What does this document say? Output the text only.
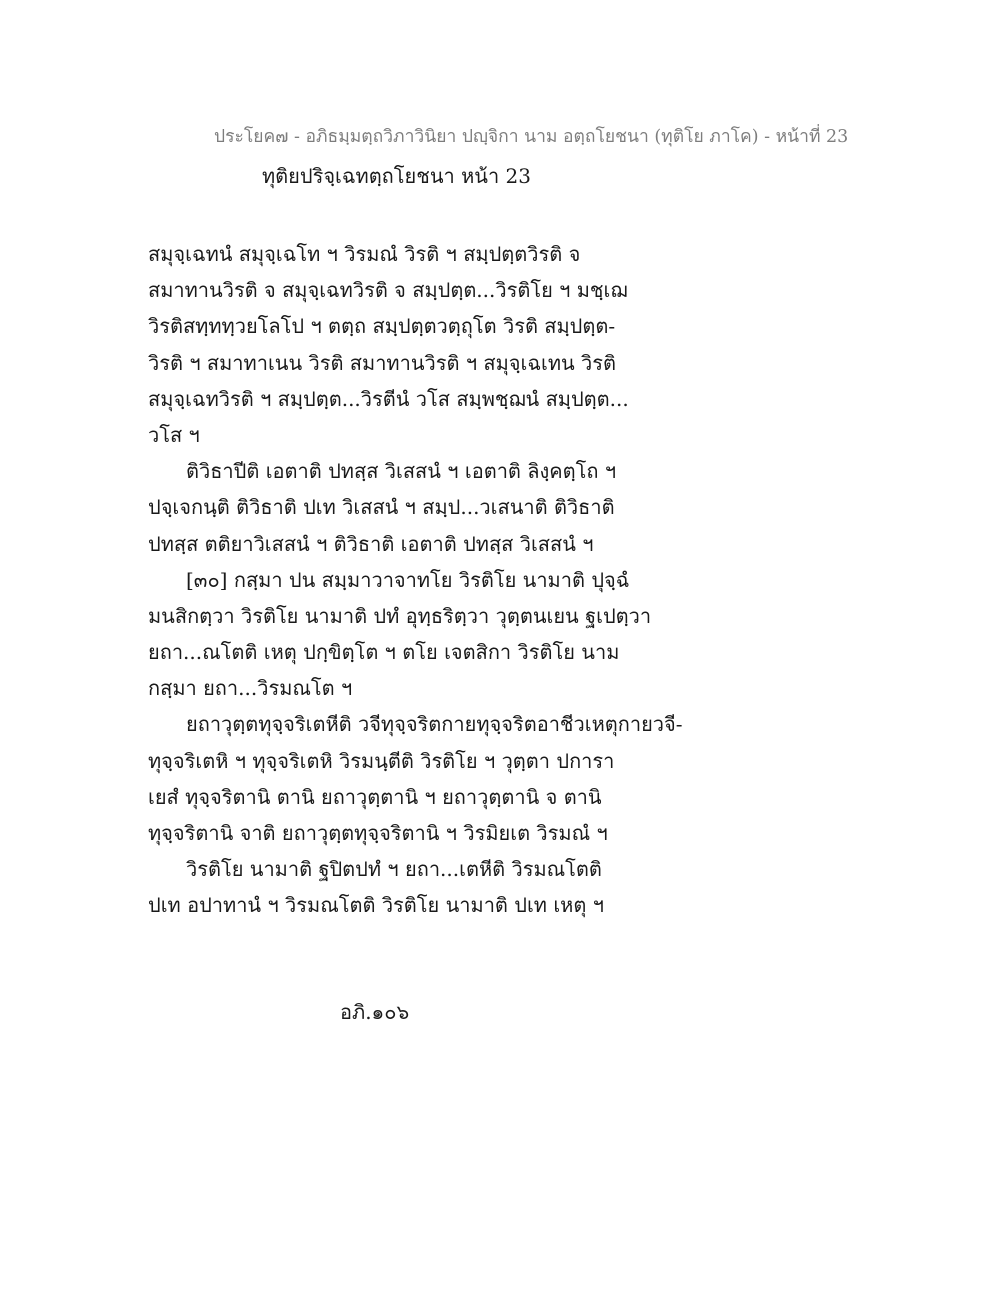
ประโยค๗ - อภิธมฺมตฺถวิภาวินิยา ปญฺจิกา นาม อตฺถโยชนา (ทุติโย ภาโค) - หน้าที่ 23
ทุติยปริจฺเฉทตฺถโยชนา หน้า 23
สมุจฺเฉทนํ สมุจฺเฉโท ฯ วิรมณํ วิรติ ฯ สมฺปตฺตวิรติ จ
สมาทานวิรติ จ สมุจฺเฉทวิรติ จ สมฺปตฺต...วิรติโย ฯ มชฺเฌ
วิรติสทฺททฺวยโลโป ฯ ตตฺถ สมฺปตฺตวตฺถุโต วิรติ สมฺปตฺต-
วิรติ ฯ สมาทาเนน วิรติ สมาทานวิรติ ฯ สมุจฺเฉเทน วิรติ
สมุจฺเฉทวิรติ ฯ สมฺปตฺต...วิรตีนํ วโส สมฺพชฺฌนํ สมฺปตฺต...
วโส ฯ
ติวิธาปีติ เอตาติ ปทสฺส วิเสสนํ ฯ เอตาติ ลิงฺคตฺโถ ฯ
ปจฺเจกนฺติ ติวิธาติ ปเท วิเสสนํ ฯ สมฺป...วเสนาติ ติวิธาติ
ปทสฺส ตติยาวิเสสนํ ฯ ติวิธาติ เอตาติ ปทสฺส วิเสสนํ ฯ
[๓๐] กสฺมา ปน สมฺมาวาจาทโย วิรติโย นามาติ ปุจฺฉํ
มนสิกตฺวา วิรติโย นามาติ ปทํ อุทฺธริตฺวา วุตฺตนเยน ฐเปตฺวา
ยถา...ณโตติ เหตุ ปกฺขิตฺโต ฯ ตโย เจตสิกา วิรติโย นาม
กสฺมา ยถา...วิรมณโต ฯ
ยถาวุตฺตทุจฺจริเตหีติ วจีทุจฺจริตกายทุจฺจริตอาชีวเหตุกายวจี-
ทุจฺจริเตหิ ฯ ทุจฺจริเตหิ วิรมนฺตีติ วิรติโย ฯ วุตฺตา ปการา
เยสํ ทุจฺจริตานิ ตานิ ยถาวุตฺตานิ ฯ ยถาวุตฺตานิ จ ตานิ
ทุจฺจริตานิ จาติ ยถาวุตฺตทุจฺจริตานิ ฯ วิรมิยเต วิรมณํ ฯ
วิรติโย นามาติ ฐปิตปทํ ฯ ยถา...เตหีติ วิรมณโตติ
ปเท อปาทานํ ฯ วิรมณโตติ วิรติโย นามาติ ปเท เหตุ ฯ
อภิ.๑๐๖
